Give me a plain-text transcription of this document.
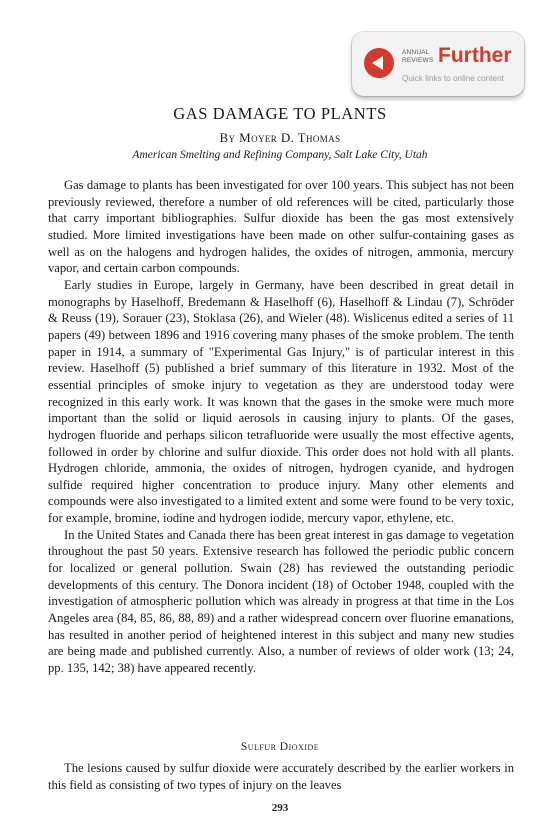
ANNUAL
REVIEWS Further
Quick links to online content
GAS DAMAGE TO PLANTS
By Moyer D. Thomas
American Smelting and Refining Company, Salt Lake City, Utah

Gas damage to plants has been investigated for over 100 years. This subject has not been previously reviewed, therefore a number of old references will be cited, particularly those that carry important bibliographies. Sulfur dioxide has been the gas most extensively studied. More limited investigations have been made on other sulfur-containing gases as well as on the halogens and hydrogen halides, the oxides of nitrogen, ammonia, mercury vapor, and certain carbon compounds.

Early studies in Europe, largely in Germany, have been described in great detail in monographs by Haselhoff, Bredemann & Haselhoff (6), Haselhoff & Lindau (7), Schröder & Reuss (19), Sorauer (23), Stoklasa (26), and Wieler (48). Wislicenus edited a series of 11 papers (49) between 1896 and 1916 covering many phases of the smoke problem. The tenth paper in 1914, a summary of "Experimental Gas Injury," is of particular interest in this review. Haselhoff (5) published a brief summary of this literature in 1932. Most of the essential principles of smoke injury to vegetation as they are understood today were recognized in this early work. It was known that the gases in the smoke were much more important than the solid or liquid aerosols in causing injury to plants. Of the gases, hydrogen fluoride and perhaps silicon tetrafluoride were usually the most effective agents, followed in order by chlorine and sulfur dioxide. This order does not hold with all plants. Hydrogen chloride, ammonia, the oxides of nitrogen, hydrogen cyanide, and hydrogen sulfide required higher concentration to produce injury. Many other elements and compounds were also investigated to a limited extent and some were found to be very toxic, for example, bromine, iodine and hydrogen iodide, mercury vapor, ethylene, etc.

In the United States and Canada there has been great interest in gas damage to vegetation throughout the past 50 years. Extensive research has followed the periodic public concern for localized or general pollution. Swain (28) has reviewed the outstanding periodic developments of this century. The Donora incident (18) of October 1948, coupled with the investigation of atmospheric pollution which was already in progress at that time in the Los Angeles area (84, 85, 86, 88, 89) and a rather widespread concern over fluorine emanations, has resulted in another period of heightened interest in this subject and many new studies are being made and published currently. Also, a number of reviews of older work (13; 24, pp. 135, 142; 38) have appeared recently.

Sulfur Dioxide

The lesions caused by sulfur dioxide were accurately described by the earlier workers in this field as consisting of two types of injury on the leaves

293
